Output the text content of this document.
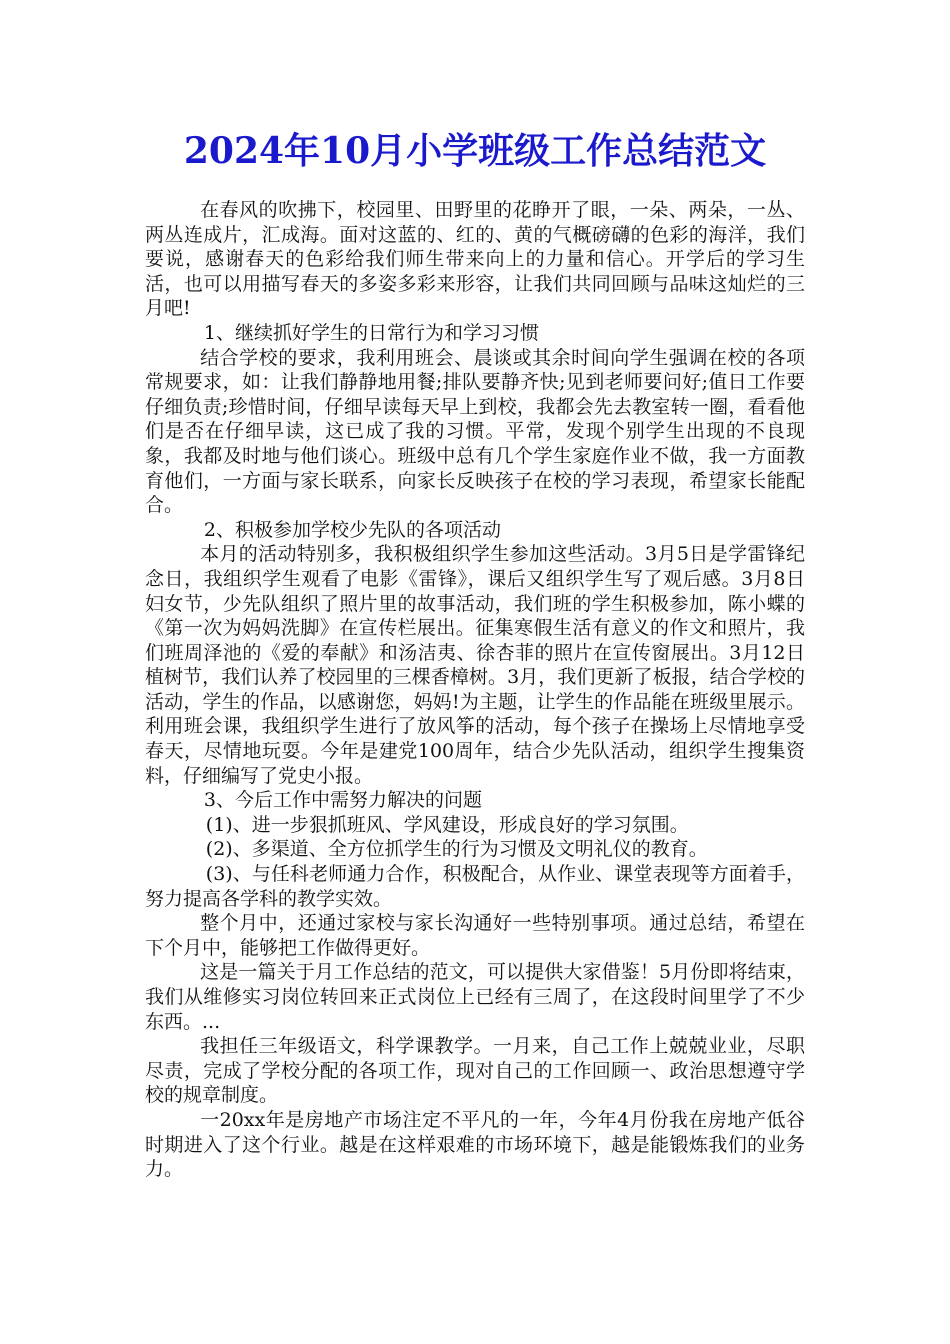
2024年10月小学班级工作总结范文

在春风的吹拂下，校园里、田野里的花睁开了眼，一朵、两朵，一丛、两丛连成片，汇成海。面对这蓝的、红的、黄的气概磅礴的色彩的海洋，我们要说，感谢春天的色彩给我们师生带来向上的力量和信心。开学后的学习生活，也可以用描写春天的多姿多彩来形容，让我们共同回顾与品味这灿烂的三月吧!

1、继续抓好学生的日常行为和学习习惯

结合学校的要求，我利用班会、晨谈或其余时间向学生强调在校的各项常规要求，如：让我们静静地用餐;排队要静齐快;见到老师要问好;值日工作要仔细负责;珍惜时间，仔细早读每天早上到校，我都会先去教室转一圈，看看他们是否在仔细早读，这已成了我的习惯。平常，发现个别学生出现的不良现象，我都及时地与他们谈心。班级中总有几个学生家庭作业不做，我一方面教育他们，一方面与家长联系，向家长反映孩子在校的学习表现，希望家长能配合。

2、积极参加学校少先队的各项活动

本月的活动特别多，我积极组织学生参加这些活动。3月5日是学雷锋纪念日，我组织学生观看了电影《雷锋》，课后又组织学生写了观后感。3月8日妇女节，少先队组织了照片里的故事活动，我们班的学生积极参加，陈小蝶的《第一次为妈妈洗脚》在宣传栏展出。征集寒假生活有意义的作文和照片，我们班周泽池的《爱的奉献》和汤洁夷、徐杏菲的照片在宣传窗展出。3月12日植树节，我们认养了校园里的三棵香樟树。3月，我们更新了板报，结合学校的活动，学生的作品，以感谢您，妈妈!为主题，让学生的作品能在班级里展示。利用班会课，我组织学生进行了放风筝的活动，每个孩子在操场上尽情地享受春天，尽情地玩耍。今年是建党100周年，结合少先队活动，组织学生搜集资料，仔细编写了党史小报。

3、今后工作中需努力解决的问题

(1)、进一步狠抓班风、学风建设，形成良好的学习氛围。

(2)、多渠道、全方位抓学生的行为习惯及文明礼仪的教育。

(3)、与任科老师通力合作，积极配合，从作业、课堂表现等方面着手，努力提高各学科的教学实效。

整个月中，还通过家校与家长沟通好一些特别事项。通过总结，希望在下个月中，能够把工作做得更好。

这是一篇关于月工作总结的范文，可以提供大家借鉴！5月份即将结束，我们从维修实习岗位转回来正式岗位上已经有三周了，在这段时间里学了不少东西。...

我担任三年级语文，科学课教学。一月来，自己工作上兢兢业业，尽职尽责，完成了学校分配的各项工作，现对自己的工作回顾一、政治思想遵守学校的规章制度。

一20xx年是房地产市场注定不平凡的一年，今年4月份我在房地产低谷时期进入了这个行业。越是在这样艰难的市场环境下，越是能锻炼我们的业务力。
